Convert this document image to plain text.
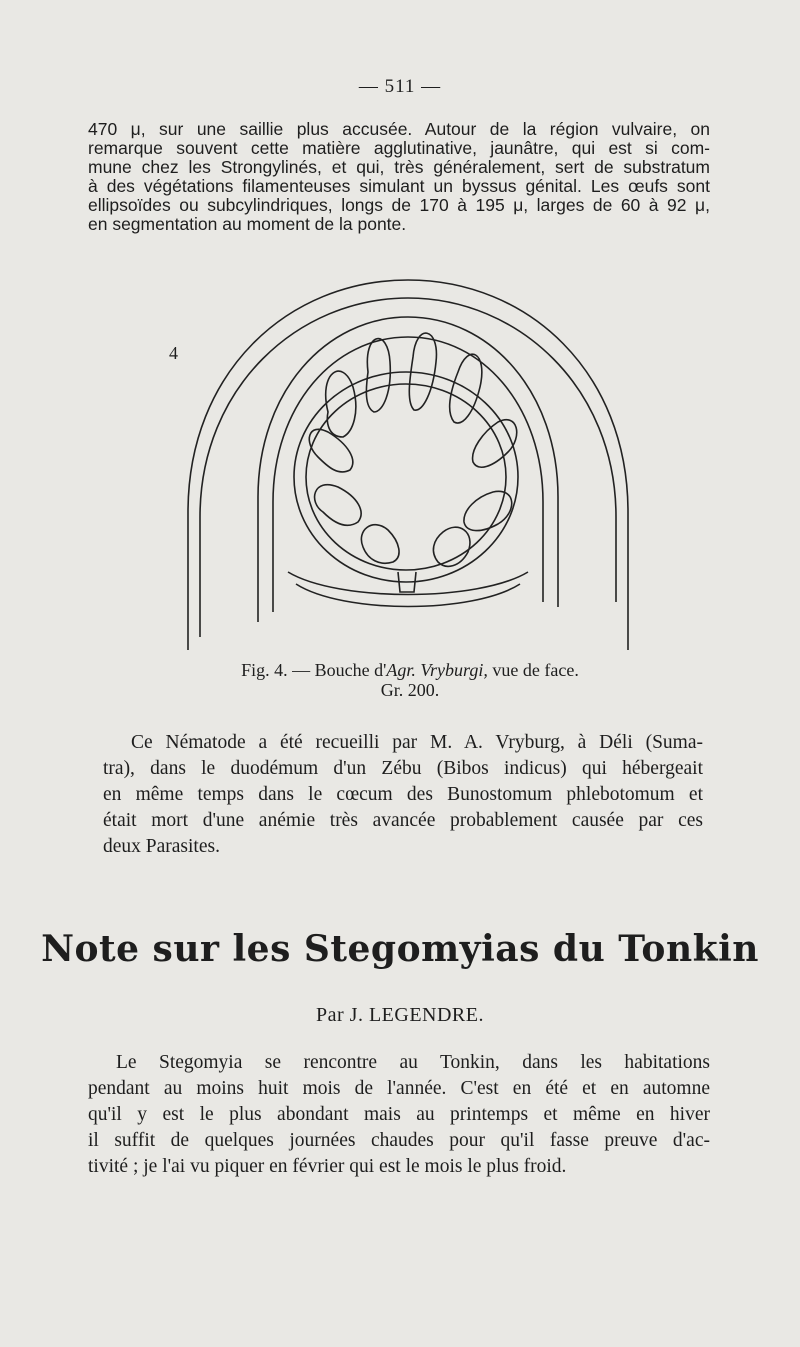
— 511 —
470 μ, sur une saillie plus accusée. Autour de la région vulvaire, on
remarque souvent cette matière agglutinative, jaunâtre, qui est si com-
mune chez les Strongylinés, et qui, très généralement, sert de substratum
à des végétations filamenteuses simulant un byssus génital. Les œufs sont
ellipsoïdes ou subcylindriques, longs de 170 à 195 μ, larges de 60 à 92 μ,
en segmentation au moment de la ponte.
4
Fig. 4. — Bouche d'Agr. Vryburgi, vue de face.
Gr. 200.
Ce Nématode a été recueilli par M. A. Vryburg, à Déli (Suma-
tra), dans le duodémum d'un Zébu (Bibos indicus) qui hébergeait
en même temps dans le cœcum des Bunostomum phlebotomum et
était mort d'une anémie très avancée probablement causée par ces
deux Parasites.
Note sur les Stegomyias du Tonkin
Par J. LEGENDRE.
Le Stegomyia se rencontre au Tonkin, dans les habitations
pendant au moins huit mois de l'année. C'est en été et en automne
qu'il y est le plus abondant mais au printemps et même en hiver
il suffit de quelques journées chaudes pour qu'il fasse preuve d'ac-
tivité ; je l'ai vu piquer en février qui est le mois le plus froid.
